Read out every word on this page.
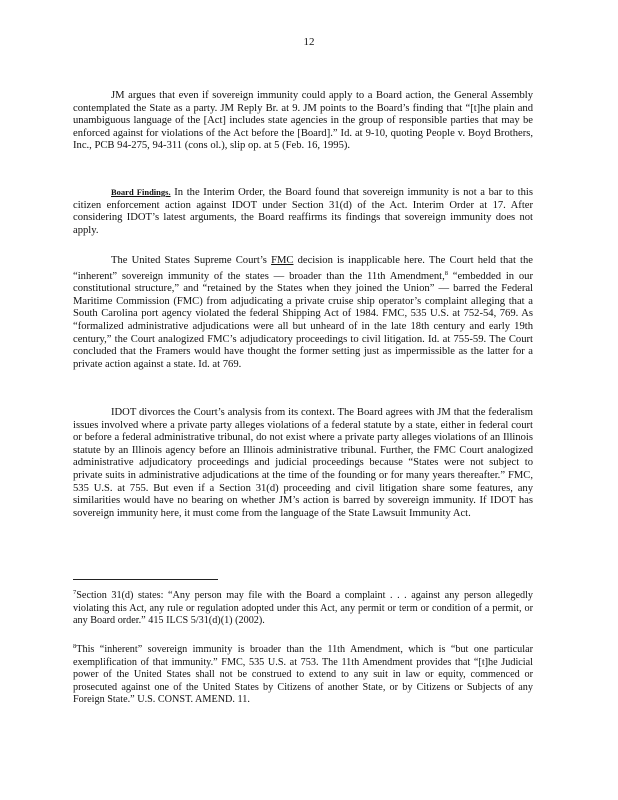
12

JM argues that even if sovereign immunity could apply to a Board action, the General Assembly contemplated the State as a party. JM Reply Br. at 9. JM points to the Board’s finding that “[t]he plain and unambiguous language of the [Act] includes state agencies in the group of responsible parties that may be enforced against for violations of the Act before the [Board].” Id. at 9-10, quoting People v. Boyd Brothers, Inc., PCB 94-275, 94-311 (cons ol.), slip op. at 5 (Feb. 16, 1995).

Board Findings. In the Interim Order, the Board found that sovereign immunity is not a bar to this citizen enforcement action against IDOT under Section 31(d) of the Act. Interim Order at 17. After considering IDOT’s latest arguments, the Board reaffirms its findings that sovereign immunity does not apply.

The United States Supreme Court’s FMC decision is inapplicable here. The Court held that the “inherent” sovereign immunity of the states — broader than the 11th Amendment,$^8$ “embedded in our constitutional structure,” and “retained by the States when they joined the Union” — barred the Federal Maritime Commission (FMC) from adjudicating a private cruise ship operator’s complaint alleging that a South Carolina port agency violated the federal Shipping Act of 1984. FMC, 535 U.S. at 752-54, 769. As “formalized administrative adjudications were all but unheard of in the late 18th century and early 19th century,” the Court analogized FMC’s adjudicatory proceedings to civil litigation. Id. at 755-59. The Court concluded that the Framers would have thought the former setting just as impermissible as the latter for a private action against a state. Id. at 769.

IDOT divorces the Court’s analysis from its context. The Board agrees with JM that the federalism issues involved where a private party alleges violations of a federal statute by a state, either in federal court or before a federal administrative tribunal, do not exist where a private party alleges violations of an Illinois statute by an Illinois agency before an Illinois administrative tribunal. Further, the FMC Court analogized administrative adjudicatory proceedings and judicial proceedings because “States were not subject to private suits in administrative adjudications at the time of the founding or for many years thereafter.” FMC, 535 U.S. at 755. But even if a Section 31(d) proceeding and civil litigation share some features, any similarities would have no bearing on whether JM’s action is barred by sovereign immunity. If IDOT has sovereign immunity here, it must come from the language of the State Lawsuit Immunity Act.

$^7$Section 31(d) states: “Any person may file with the Board a complaint . . . against any person allegedly violating this Act, any rule or regulation adopted under this Act, any permit or term or condition of a permit, or any Board order.” 415 ILCS 5/31(d)(1) (2002).

$^8$This “inherent” sovereign immunity is broader than the 11th Amendment, which is “but one particular exemplification of that immunity.” FMC, 535 U.S. at 753. The 11th Amendment provides that “[t]he Judicial power of the United States shall not be construed to extend to any suit in law or equity, commenced or prosecuted against one of the United States by Citizens of another State, or by Citizens or Subjects of any Foreign State.” U.S. CONST. AMEND. 11.
